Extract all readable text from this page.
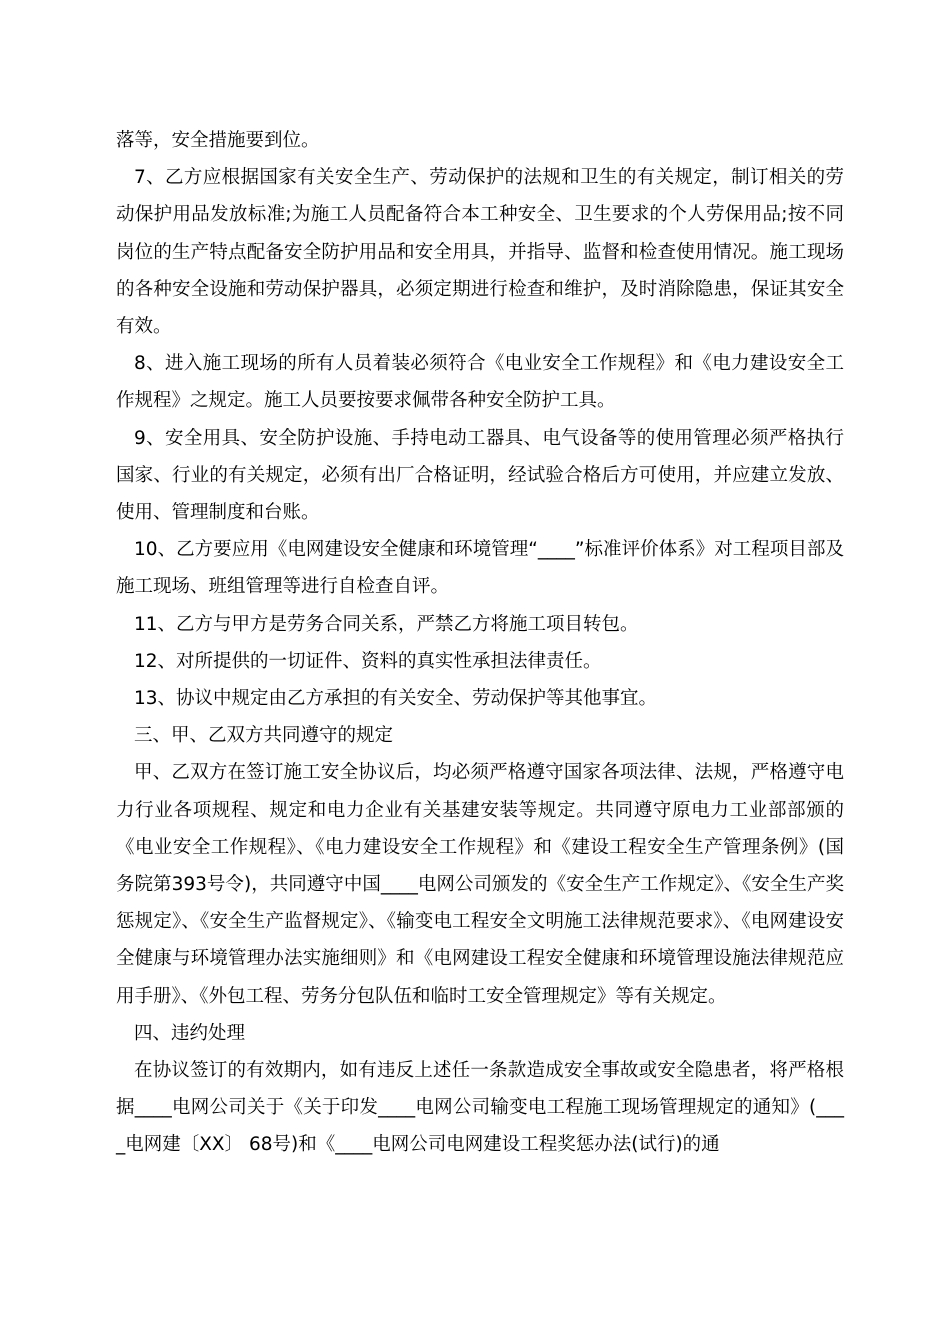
落等，安全措施要到位。

7、乙方应根据国家有关安全生产、劳动保护的法规和卫生的有关规定，制订相关的劳动保护用品发放标准;为施工人员配备符合本工种安全、卫生要求的个人劳保用品;按不同岗位的生产特点配备安全防护用品和安全用具，并指导、监督和检查使用情况。施工现场的各种安全设施和劳动保护器具，必须定期进行检查和维护，及时消除隐患，保证其安全有效。

8、进入施工现场的所有人员着装必须符合《电业安全工作规程》和《电力建设安全工作规程》之规定。施工人员要按要求佩带各种安全防护工具。

9、安全用具、安全防护设施、手持电动工器具、电气设备等的使用管理必须严格执行国家、行业的有关规定，必须有出厂合格证明，经试验合格后方可使用，并应建立发放、使用、管理制度和台账。

10、乙方要应用《电网建设安全健康和环境管理“____”标准评价体系》对工程项目部及施工现场、班组管理等进行自检查自评。

11、乙方与甲方是劳务合同关系，严禁乙方将施工项目转包。

12、对所提供的一切证件、资料的真实性承担法律责任。

13、协议中规定由乙方承担的有关安全、劳动保护等其他事宜。

三、甲、乙双方共同遵守的规定

甲、乙双方在签订施工安全协议后，均必须严格遵守国家各项法律、法规，严格遵守电力行业各项规程、规定和电力企业有关基建安装等规定。共同遵守原电力工业部部颁的《电业安全工作规程》、《电力建设安全工作规程》和《建设工程安全生产管理条例》(国务院第393号令)，共同遵守中国____电网公司颁发的《安全生产工作规定》、《安全生产奖惩规定》、《安全生产监督规定》、《输变电工程安全文明施工法律规范要求》、《电网建设安全健康与环境管理办法实施细则》和《电网建设工程安全健康和环境管理设施法律规范应用手册》、《外包工程、劳务分包队伍和临时工安全管理规定》等有关规定。

四、违约处理

在协议签订的有效期内，如有违反上述任一条款造成安全事故或安全隐患者，将严格根据____电网公司关于《关于印发____电网公司输变电工程施工现场管理规定的通知》(____电网建〔XX〕 68号)和《____电网公司电网建设工程奖惩办法(试行)的通
